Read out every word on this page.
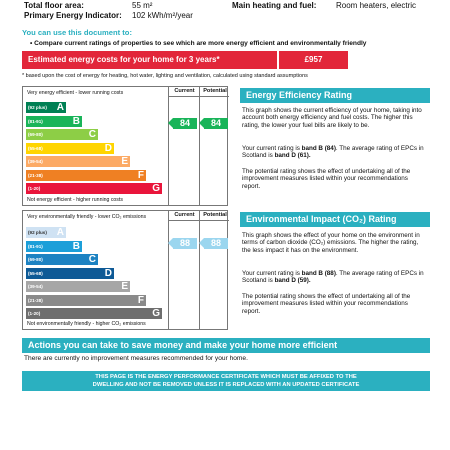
Total floor area:	55 m²
Primary Energy Indicator: 102 kWh/m²/year
Main heating and fuel: Room heaters, electric
You can use this document to:
• Compare current ratings of properties to see which are more energy efficient and environmentally friendly
Estimated energy costs for your home for 3 years*	£957
* based upon the cost of energy for heating, hot water, lighting and ventilation, calculated using standard assumptions
Very energy efficient - lower running costs	Current	Potential
(92 plus) A
(81-91)	B
(69-80)	C
(55-68)	D
(39-54)	E
(21-38)	F
(1-20)	G
84	84
Not energy efficient - higher running costs
Very environmentally friendly - lower CO₂ emissions	Current	Potential
(92 plus) A
(81-91)	B
(69-80)	C
(55-68)	D
(39-54)	E
(21-38)	F
(1-20)	G
88	88
Not environmentally friendly - higher CO₂ emissions
Energy Efficiency Rating
This graph shows the current efficiency of your home, taking into account both energy efficiency and fuel costs. The higher this rating, the lower your fuel bills are likely to be.
Your current rating is band B (84). The average rating of EPCs in Scotland is band D (61).
The potential rating shows the effect of undertaking all of the improvement measures listed within your recommendations report.
Environmental Impact (CO₂) Rating
This graph shows the effect of your home on the environment in terms of carbon dioxide (CO₂) emissions. The higher the rating, the less impact it has on the environment.
Your current rating is band B (88). The average rating of EPCs in Scotland is band D (59).
The potential rating shows the effect of undertaking all of the improvement measures listed within your recommendations report.
Actions you can take to save money and make your home more efficient
There are currently no improvement measures recommended for your home.
THIS PAGE IS THE ENERGY PERFORMANCE CERTIFICATE WHICH MUST BE AFFIXED TO THE
DWELLING AND NOT BE REMOVED UNLESS IT IS REPLACED WITH AN UPDATED CERTIFICATE
